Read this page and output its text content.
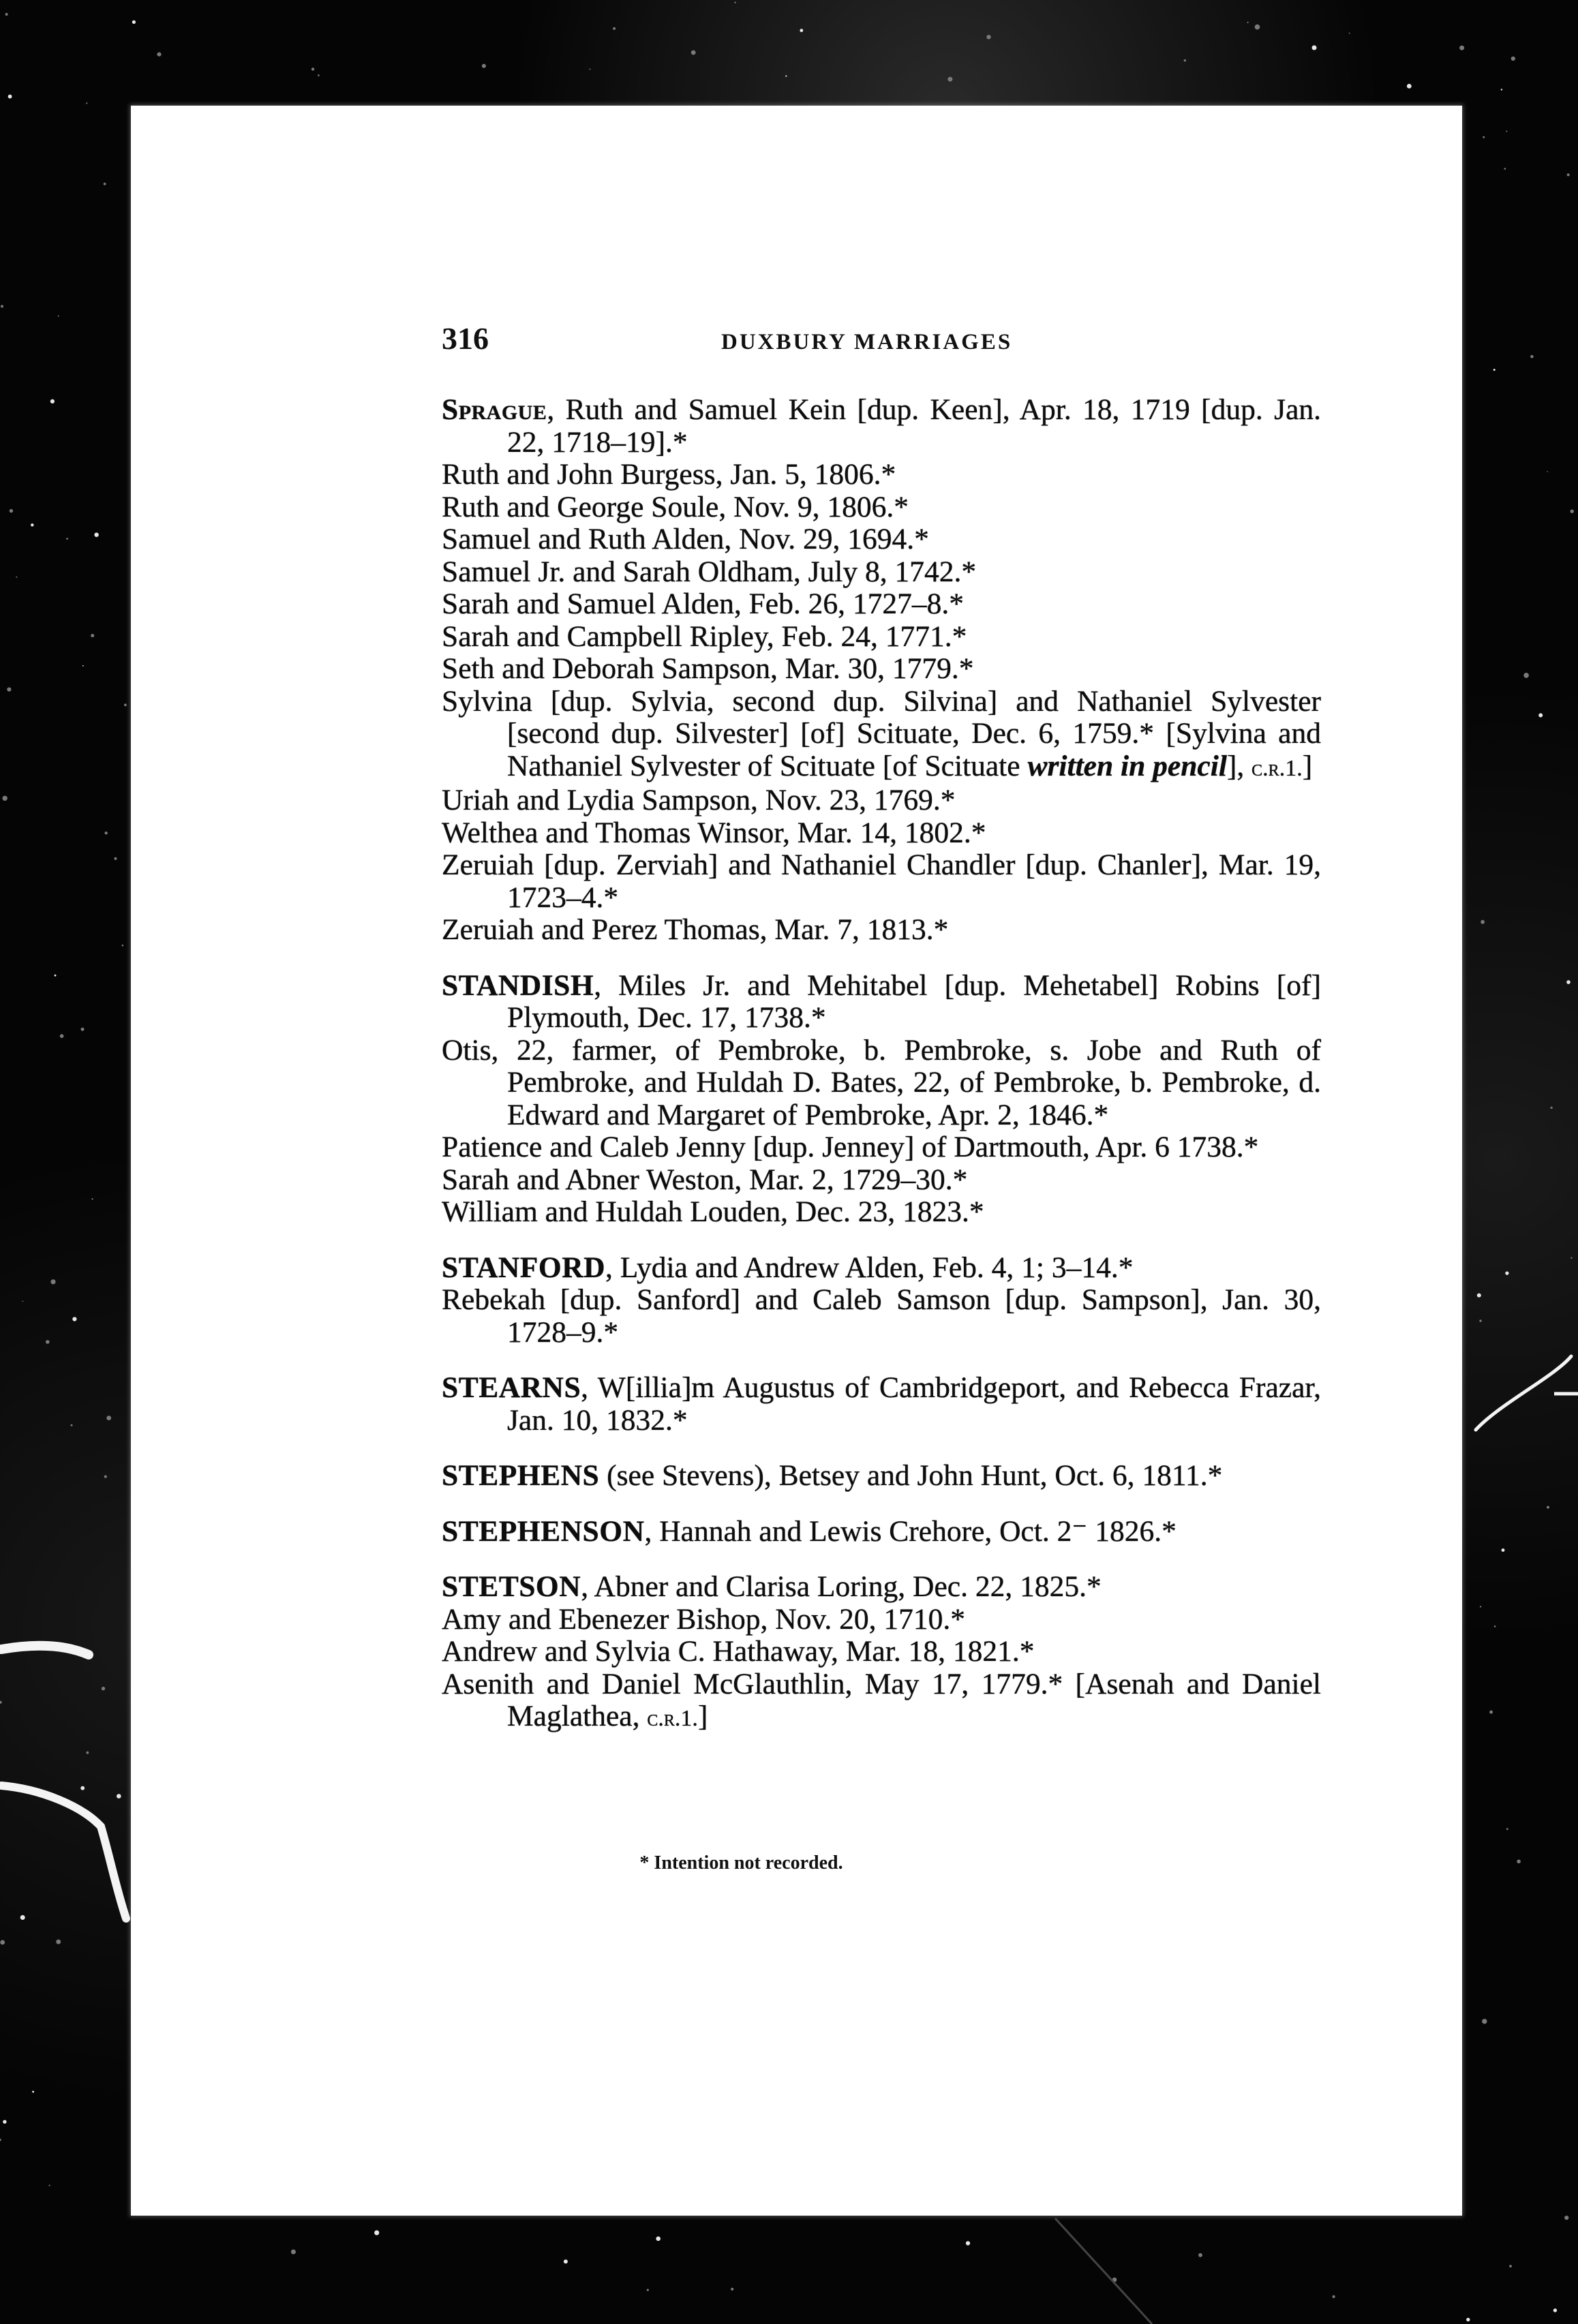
316	DUXBURY MARRIAGES
Sprague, Ruth and Samuel Kein [dup. Keen], Apr. 18, 1719 [dup. Jan. 22, 1718–19].*
Ruth and John Burgess, Jan. 5, 1806.*
Ruth and George Soule, Nov. 9, 1806.*
Samuel and Ruth Alden, Nov. 29, 1694.*
Samuel Jr. and Sarah Oldham, July 8, 1742.*
Sarah and Samuel Alden, Feb. 26, 1727–8.*
Sarah and Campbell Ripley, Feb. 24, 1771.*
Seth and Deborah Sampson, Mar. 30, 1779.*
Sylvina [dup. Sylvia, second dup. Silvina] and Nathaniel Sylvester [second dup. Silvester] [of] Scituate, Dec. 6, 1759.* [Sylvina and Nathaniel Sylvester of Scituate [of Scituate written in pencil], c.r.1.]
Uriah and Lydia Sampson, Nov. 23, 1769.*
Welthea and Thomas Winsor, Mar. 14, 1802.*
Zeruiah [dup. Zerviah] and Nathaniel Chandler [dup. Chanler], Mar. 19, 1723–4.*
Zeruiah and Perez Thomas, Mar. 7, 1813.*
STANDISH, Miles Jr. and Mehitabel [dup. Mehetabel] Robins [of] Plymouth, Dec. 17, 1738.*
Otis, 22, farmer, of Pembroke, b. Pembroke, s. Jobe and Ruth of Pembroke, and Huldah D. Bates, 22, of Pembroke, b. Pembroke, d. Edward and Margaret of Pembroke, Apr. 2, 1846.*
Patience and Caleb Jenny [dup. Jenney] of Dartmouth, Apr. 6 1738.*
Sarah and Abner Weston, Mar. 2, 1729–30.*
William and Huldah Louden, Dec. 23, 1823.*
STANFORD, Lydia and Andrew Alden, Feb. 4, 1; 3–14.*
Rebekah [dup. Sanford] and Caleb Samson [dup. Sampson], Jan. 30, 1728–9.*
STEARNS, W[illia]m Augustus of Cambridgeport, and Rebecca Frazar, Jan. 10, 1832.*
STEPHENS (see Stevens), Betsey and John Hunt, Oct. 6, 1811.*
STEPHENSON, Hannah and Lewis Crehore, Oct. 2⁻ 1826.*
STETSON, Abner and Clarisa Loring, Dec. 22, 1825.*
Amy and Ebenezer Bishop, Nov. 20, 1710.*
Andrew and Sylvia C. Hathaway, Mar. 18, 1821.*
Asenith and Daniel McGlauthlin, May 17, 1779.* [Asenah and Daniel Maglathea, c.r.1.]
* Intention not recorded.
